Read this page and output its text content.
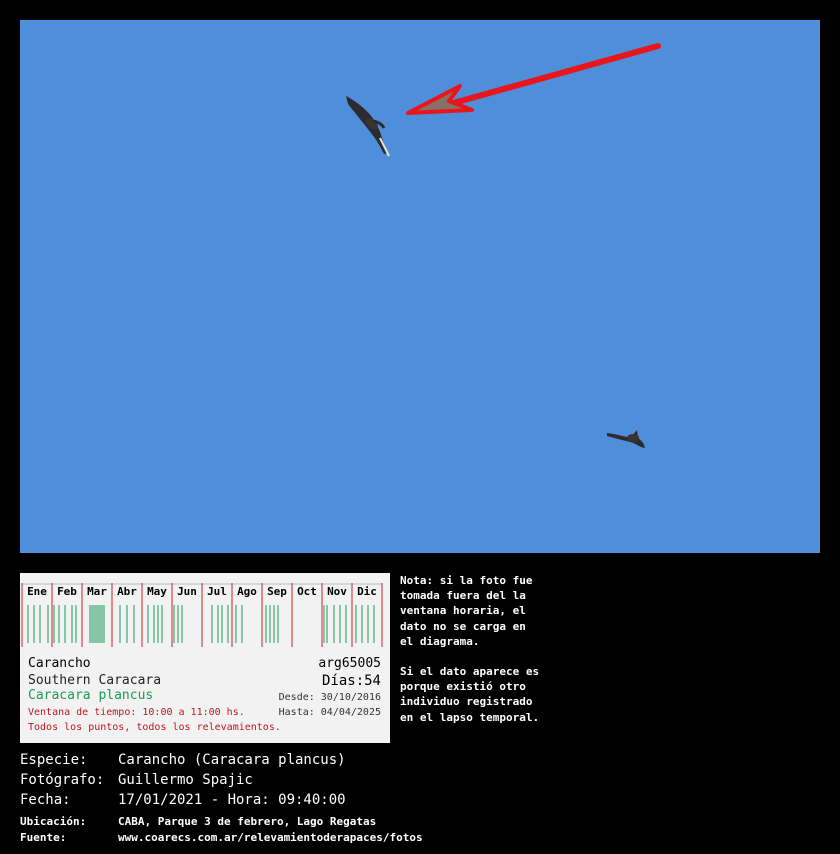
Ene Feb Mar Abr May Jun Jul Ago Sep Oct Nov Dic
Carancho
Southern Caracara
Caracara plancus
arg65005
Días:54
Desde: 30/10/2016
Hasta: 04/04/2025
Ventana de tiempo: 10:00 a 11:00 hs.
Todos los puntos, todos los relevamientos.

Nota: si la foto fue
tomada fuera del la
ventana horaria, el
dato no se carga en
el diagrama.

Si el dato aparece es
porque existió otro
individuo registrado
en el lapso temporal.

Especie: Carancho (Caracara plancus)
Fotógrafo: Guillermo Spajic
Fecha:	17/01/2021 - Hora: 09:40:00
Ubicación:	CABA, Parque 3 de febrero, Lago Regatas
Fuente:	www.coarecs.com.ar/relevamientoderapaces/fotos
